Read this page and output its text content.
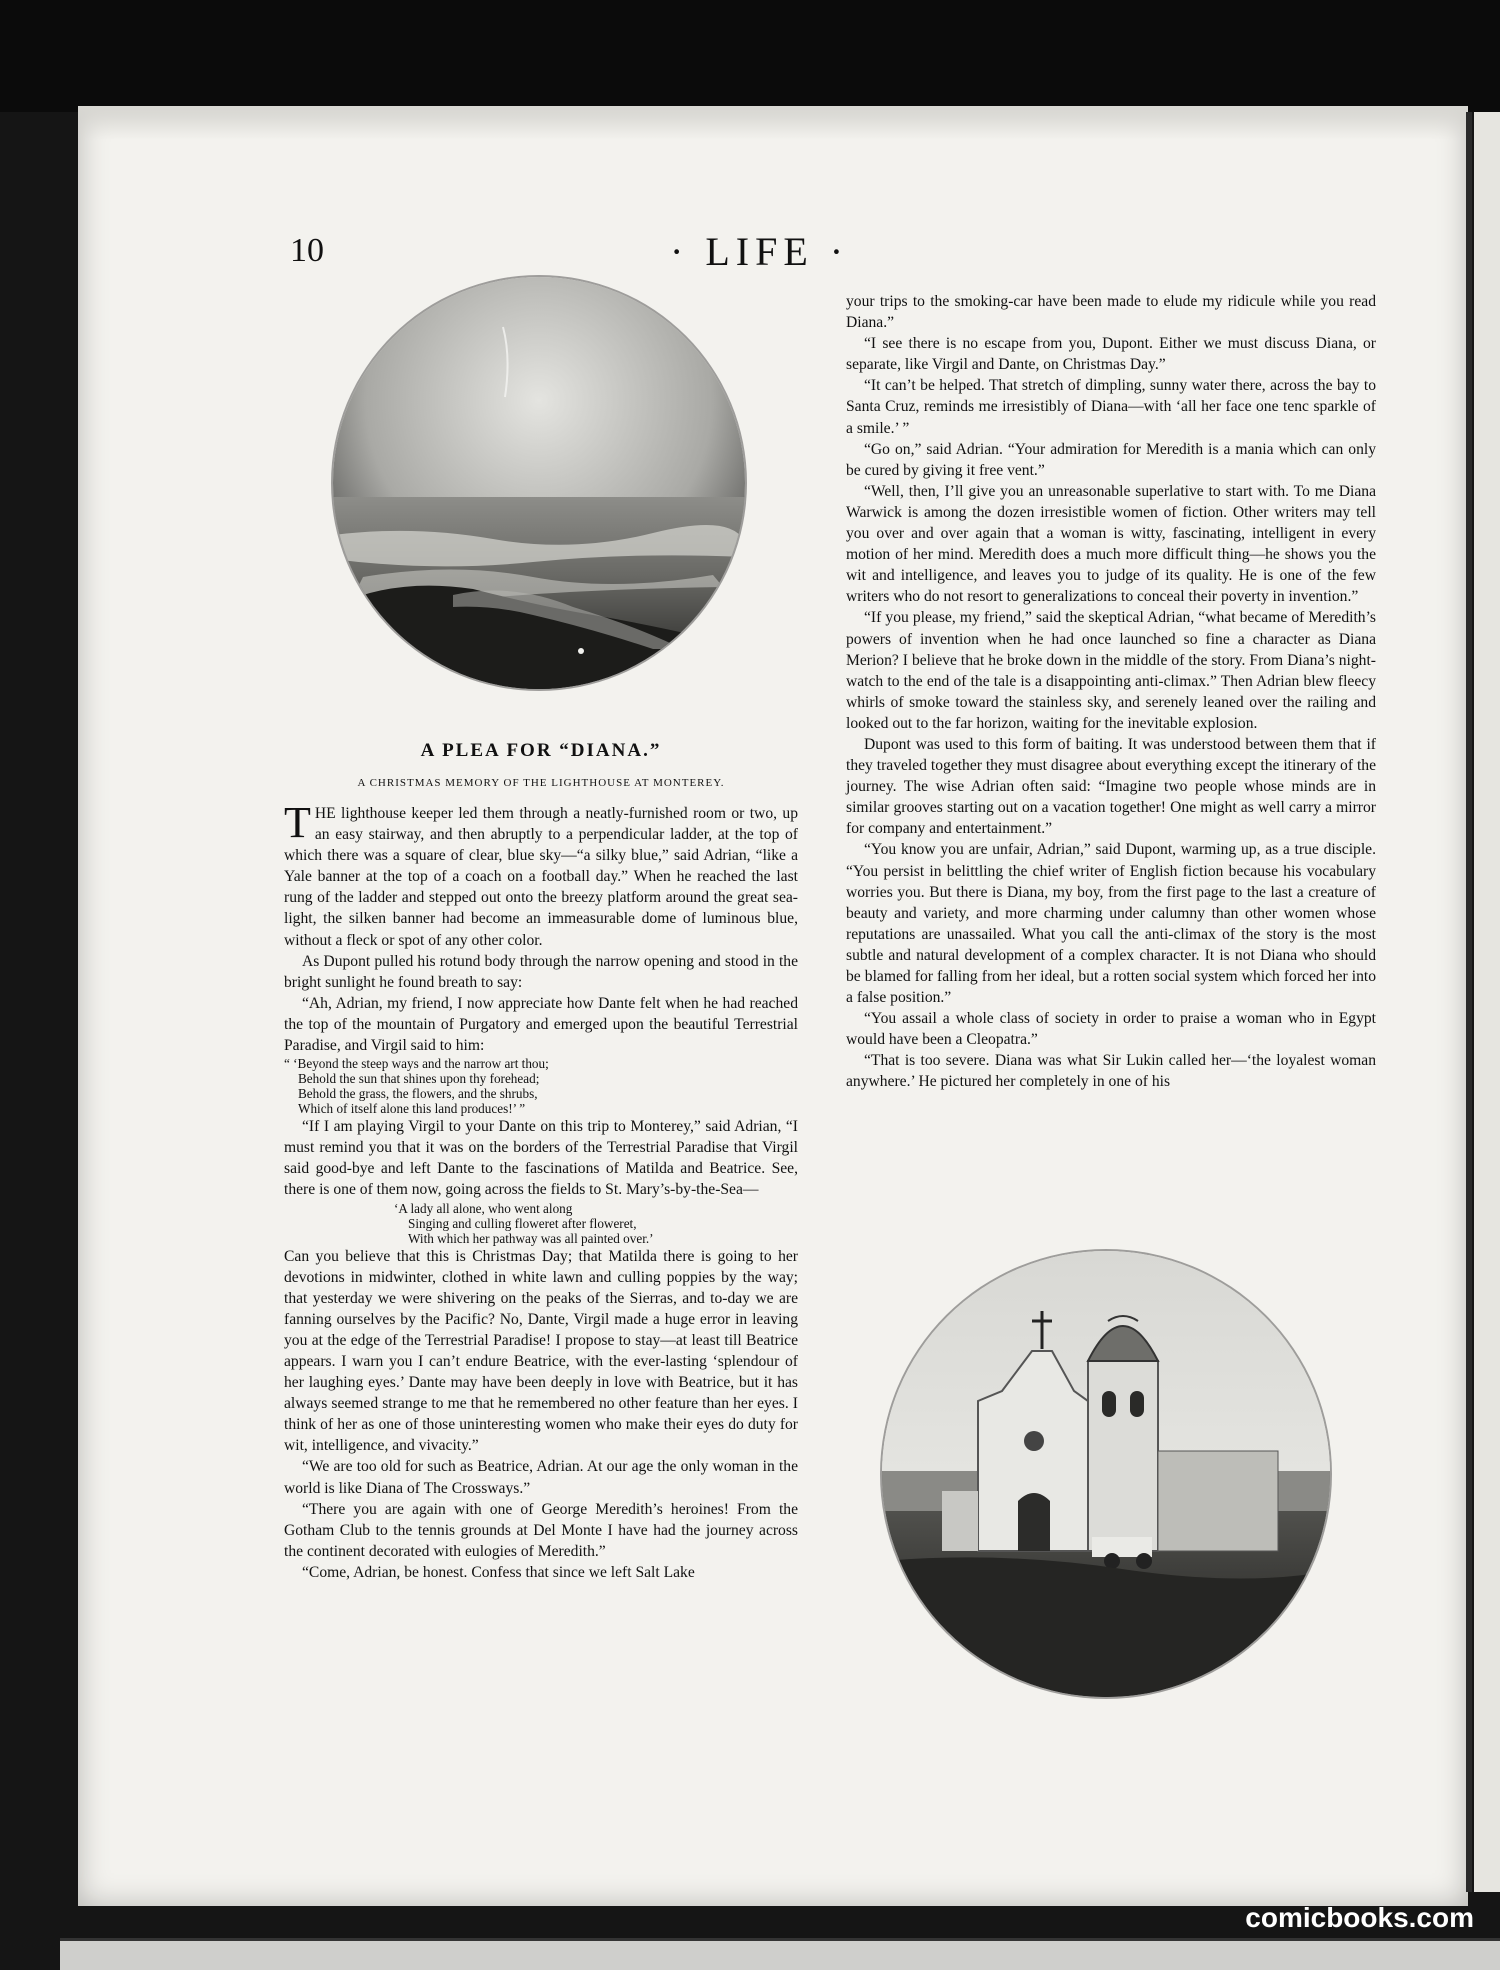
10	· LIFE ·
A PLEA FOR “DIANA.”
A CHRISTMAS MEMORY OF THE LIGHTHOUSE AT MONTEREY.

THE lighthouse keeper led them through a neatly-furnished room or two, up an easy stairway, and then abruptly to a perpendicular ladder, at the top of which there was a square of clear, blue sky—“a silky blue,” said Adrian, “like a Yale banner at the top of a coach on a football day.” When he reached the last rung of the ladder and stepped out onto the breezy platform around the great sea-light, the silken banner had become an immeasurable dome of luminous blue, without a fleck or spot of any other color.

As Dupont pulled his rotund body through the narrow opening and stood in the bright sunlight he found breath to say:

“Ah, Adrian, my friend, I now appreciate how Dante felt when he had reached the top of the mountain of Purgatory and emerged upon the beautiful Terrestrial Paradise, and Virgil said to him:

“ ‘Beyond the steep ways and the narrow art thou;
Behold the sun that shines upon thy forehead;
Behold the grass, the flowers, and the shrubs,
Which of itself alone this land produces!’ ”

“If I am playing Virgil to your Dante on this trip to Monterey,” said Adrian, “I must remind you that it was on the borders of the Terrestrial Paradise that Virgil said good-bye and left Dante to the fascinations of Matilda and Beatrice. See, there is one of them now, going across the fields to St. Mary’s-by-the-Sea—

‘A lady all alone, who went along
Singing and culling floweret after floweret,
With which her pathway was all painted over.’

Can you believe that this is Christmas Day; that Matilda there is going to her devotions in midwinter, clothed in white lawn and culling poppies by the way; that yesterday we were shivering on the peaks of the Sierras, and to-day we are fanning ourselves by the Pacific? No, Dante, Virgil made a huge error in leaving you at the edge of the Terrestrial Paradise! I propose to stay—at least till Beatrice appears. I warn you I can’t endure Beatrice, with the ever-lasting ‘splendour of her laughing eyes.’ Dante may have been deeply in love with Beatrice, but it has always seemed strange to me that he remembered no other feature than her eyes. I think of her as one of those uninteresting women who make their eyes do duty for wit, intelligence, and vivacity.”

“We are too old for such as Beatrice, Adrian. At our age the only woman in the world is like Diana of The Crossways.”

“There you are again with one of George Meredith’s heroines! From the Gotham Club to the tennis grounds at Del Monte I have had the journey across the continent decorated with eulogies of Meredith.”

“Come, Adrian, be honest. Confess that since we left Salt Lake

your trips to the smoking-car have been made to elude my ridicule while you read Diana.”

“I see there is no escape from you, Dupont. Either we must discuss Diana, or separate, like Virgil and Dante, on Christmas Day.”

“It can’t be helped. That stretch of dimpling, sunny water there, across the bay to Santa Cruz, reminds me irresistibly of Diana—with ‘all her face one tenc sparkle of a smile.’ ”

“Go on,” said Adrian. “Your admiration for Meredith is a mania which can only be cured by giving it free vent.”

“Well, then, I’ll give you an unreasonable superlative to start with. To me Diana Warwick is among the dozen irresistible women of fiction. Other writers may tell you over and over again that a woman is witty, fascinating, intelligent in every motion of her mind. Meredith does a much more difficult thing—he shows you the wit and intelligence, and leaves you to judge of its quality. He is one of the few writers who do not resort to generalizations to conceal their poverty in invention.”

“If you please, my friend,” said the skeptical Adrian, “what became of Meredith’s powers of invention when he had once launched so fine a character as Diana Merion? I believe that he broke down in the middle of the story. From Diana’s night-watch to the end of the tale is a disappointing anti-climax.” Then Adrian blew fleecy whirls of smoke toward the stainless sky, and serenely leaned over the railing and looked out to the far horizon, waiting for the inevitable explosion.

Dupont was used to this form of baiting. It was understood between them that if they traveled together they must disagree about everything except the itinerary of the journey. The wise Adrian often said: “Imagine two people whose minds are in similar grooves starting out on a vacation together! One might as well carry a mirror for company and entertainment.”

“You know you are unfair, Adrian,” said Dupont, warming up, as a true disciple. “You persist in belittling the chief writer of English fiction because his vocabulary worries you. But there is Diana, my boy, from the first page to the last a creature of beauty and variety, and more charming under calumny than other women whose reputations are unassailed. What you call the anti-climax of the story is the most subtle and natural development of a complex character. It is not Diana who should be blamed for falling from her ideal, but a rotten social system which forced her into a false position.”

“You assail a whole class of society in order to praise a woman who in Egypt would have been a Cleopatra.”

“That is too severe. Diana was what Sir Lukin called her—‘the loyalest woman anywhere.’ He pictured her completely in one of his

comicbooks.com
